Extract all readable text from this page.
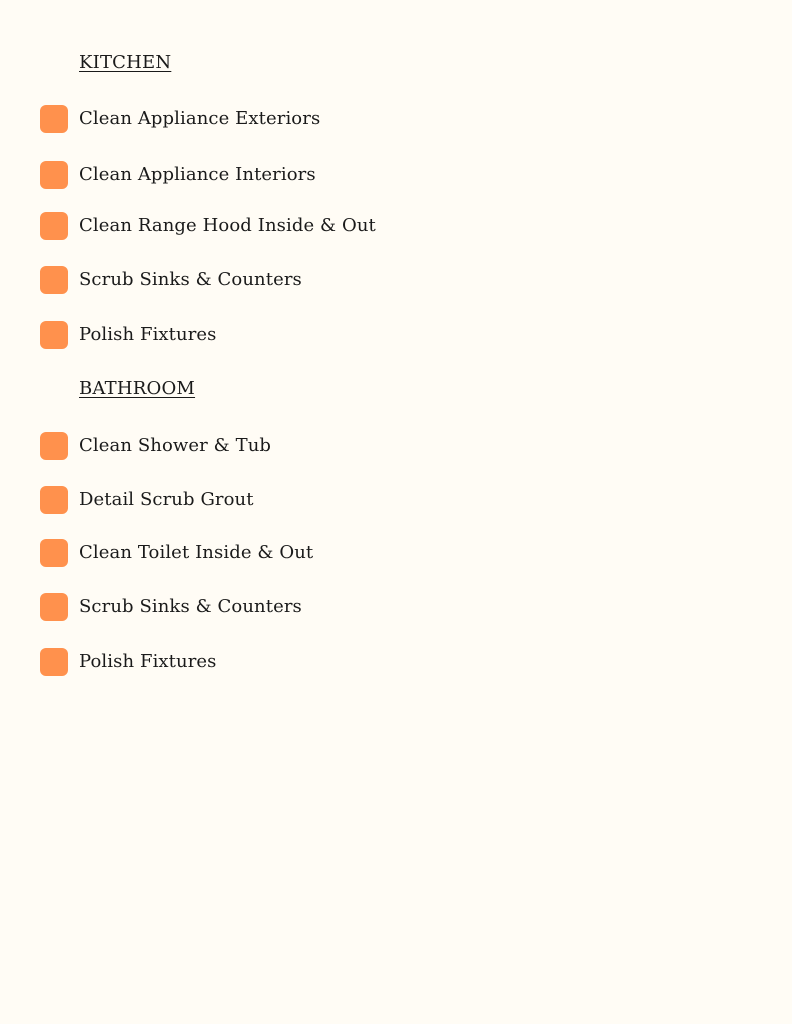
KITCHEN
Clean Appliance Exteriors
Clean Appliance Interiors
Clean Range Hood Inside & Out
Scrub Sinks & Counters
Polish Fixtures
BATHROOM
Clean Shower & Tub
Detail Scrub Grout
Clean Toilet Inside & Out
Scrub Sinks & Counters
Polish Fixtures
